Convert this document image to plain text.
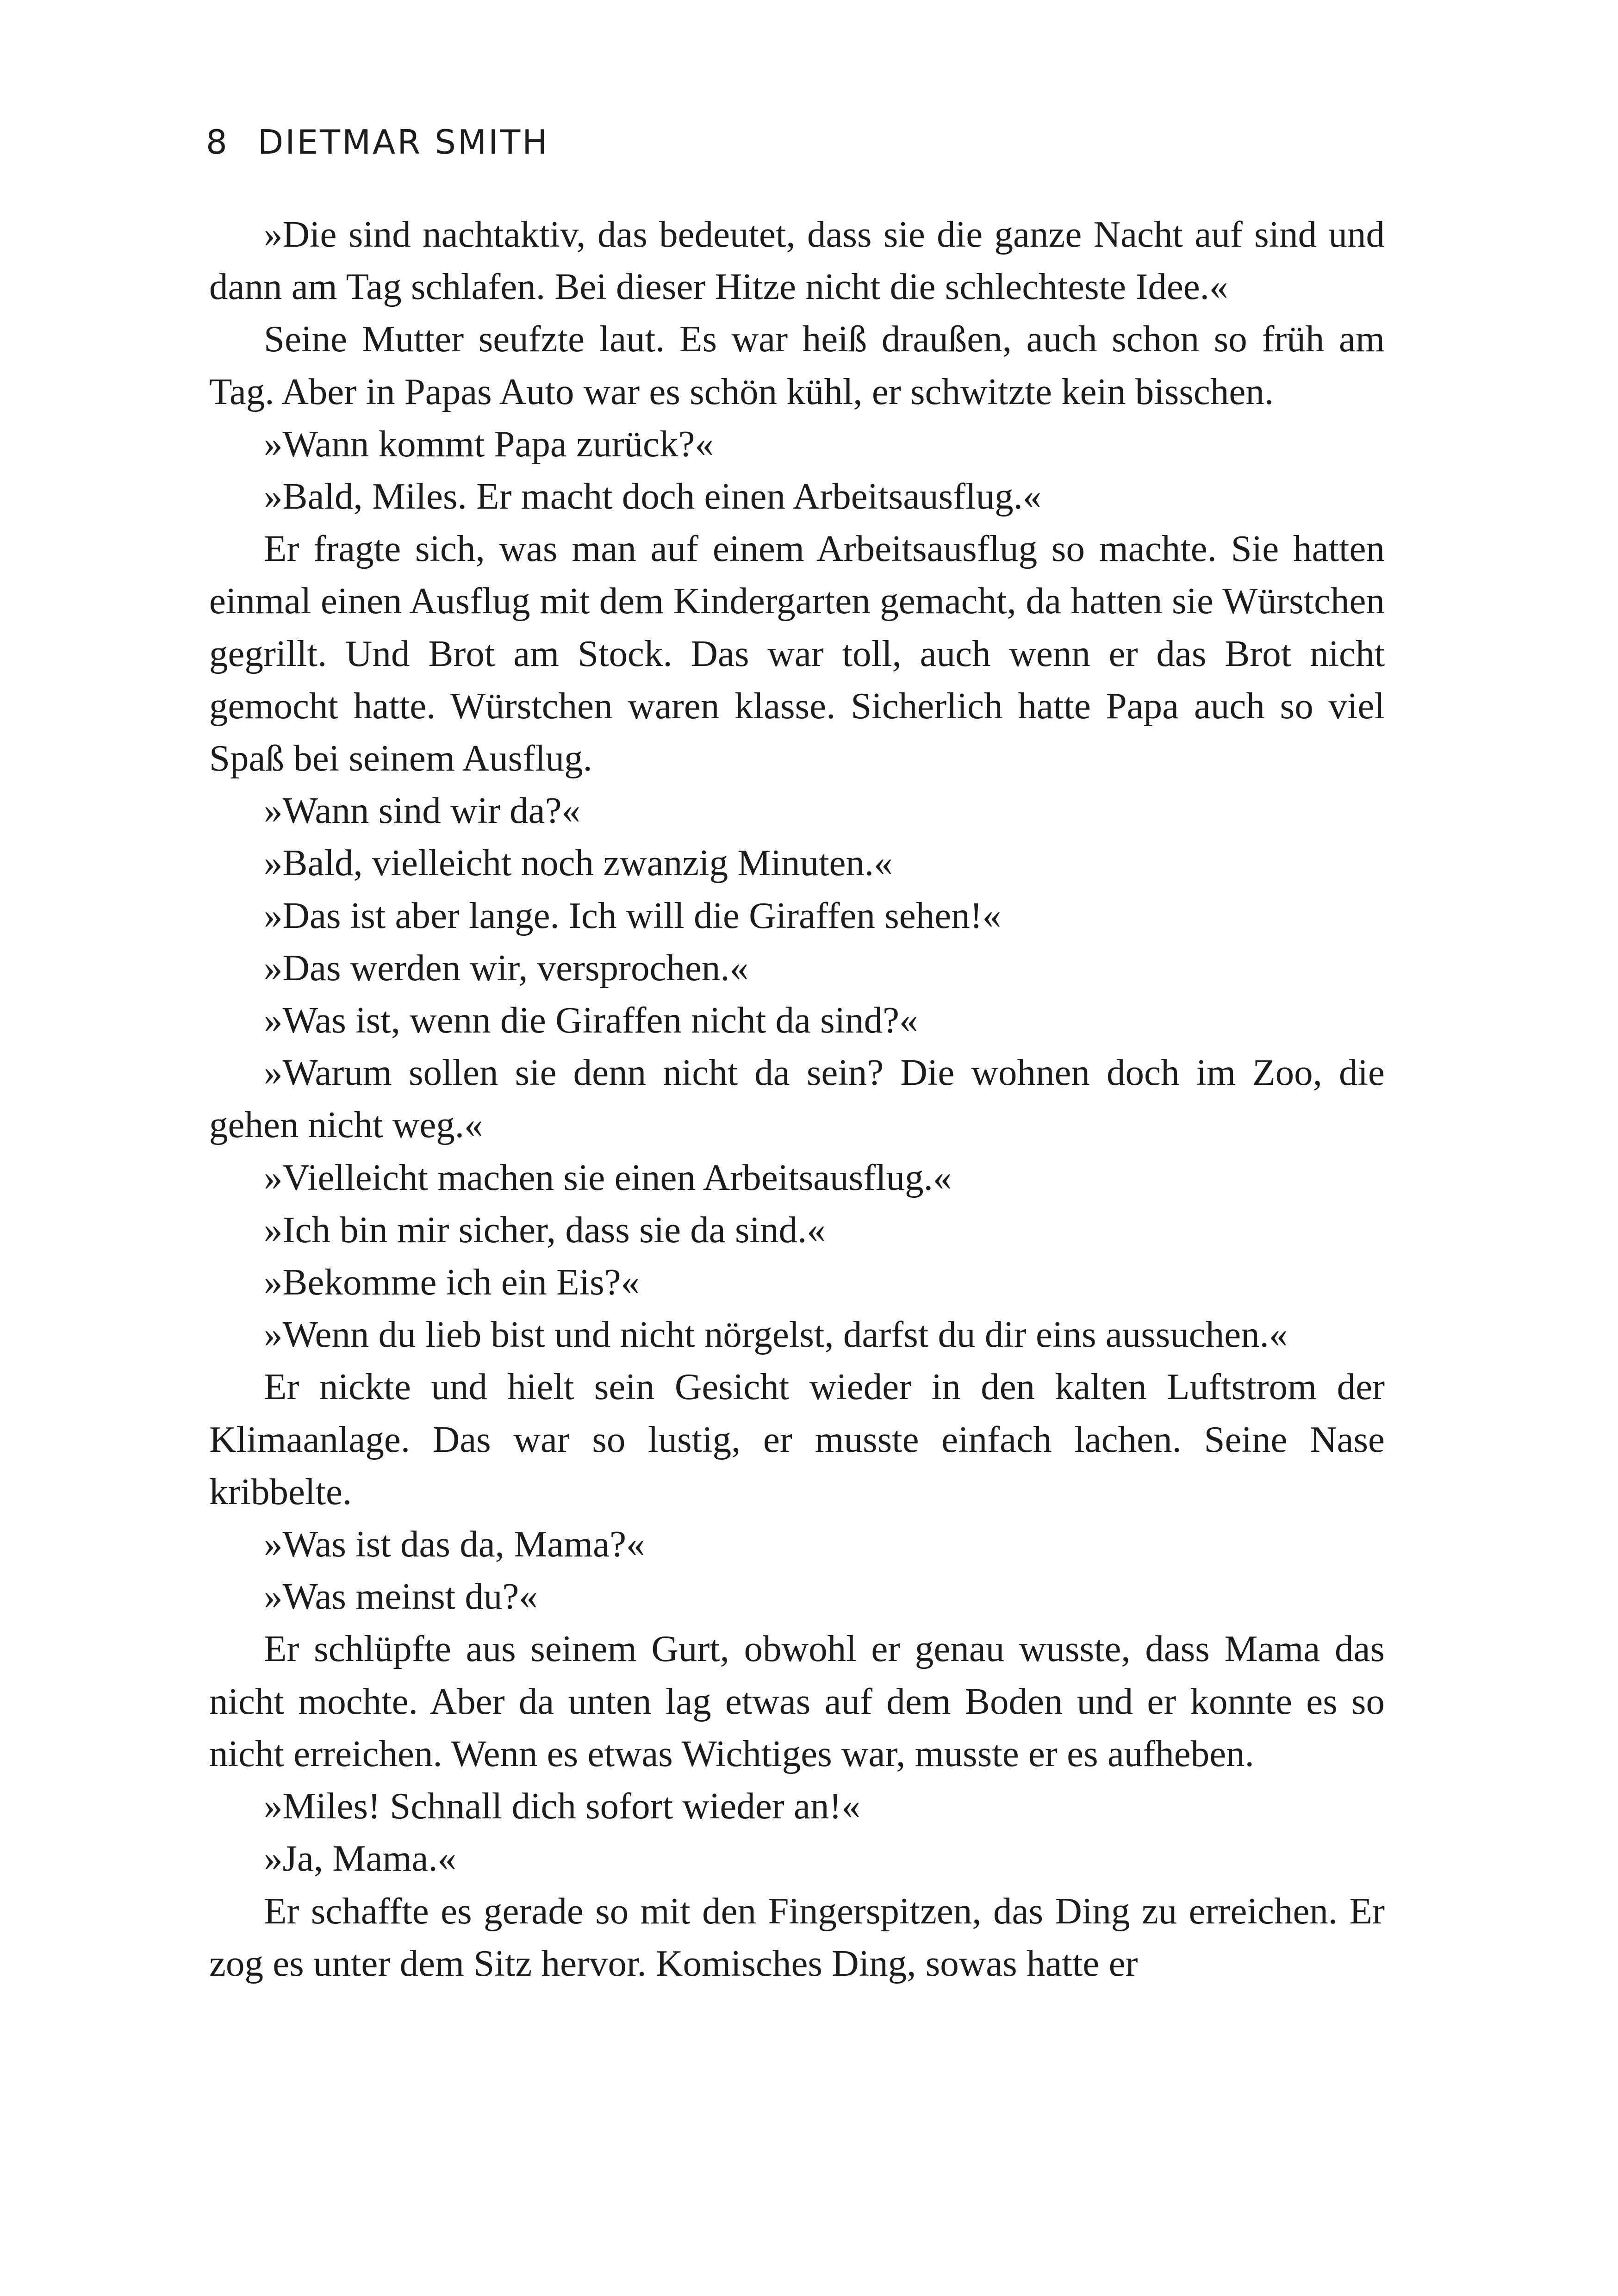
8 DIETMAR SMITH

»Die sind nachtaktiv, das bedeutet, dass sie die ganze Nacht auf sind und dann am Tag schlafen. Bei dieser Hitze nicht die schlechteste Idee.«

Seine Mutter seufzte laut. Es war heiß draußen, auch schon so früh am Tag. Aber in Papas Auto war es schön kühl, er schwitzte kein bisschen.

»Wann kommt Papa zurück?«

»Bald, Miles. Er macht doch einen Arbeitsausflug.«

Er fragte sich, was man auf einem Arbeitsausflug so machte. Sie hatten einmal einen Ausflug mit dem Kindergarten gemacht, da hatten sie Würstchen gegrillt. Und Brot am Stock. Das war toll, auch wenn er das Brot nicht gemocht hatte. Würstchen waren klasse. Sicherlich hatte Papa auch so viel Spaß bei seinem Ausflug.

»Wann sind wir da?«

»Bald, vielleicht noch zwanzig Minuten.«

»Das ist aber lange. Ich will die Giraffen sehen!«

»Das werden wir, versprochen.«

»Was ist, wenn die Giraffen nicht da sind?«

»Warum sollen sie denn nicht da sein? Die wohnen doch im Zoo, die gehen nicht weg.«

»Vielleicht machen sie einen Arbeitsausflug.«

»Ich bin mir sicher, dass sie da sind.«

»Bekomme ich ein Eis?«

»Wenn du lieb bist und nicht nörgelst, darfst du dir eins aussuchen.«

Er nickte und hielt sein Gesicht wieder in den kalten Luftstrom der Klimaanlage. Das war so lustig, er musste einfach lachen. Seine Nase kribbelte.

»Was ist das da, Mama?«

»Was meinst du?«

Er schlüpfte aus seinem Gurt, obwohl er genau wusste, dass Mama das nicht mochte. Aber da unten lag etwas auf dem Boden und er konnte es so nicht erreichen. Wenn es etwas Wichtiges war, musste er es aufheben.

»Miles! Schnall dich sofort wieder an!«

»Ja, Mama.«

Er schaffte es gerade so mit den Fingerspitzen, das Ding zu erreichen. Er zog es unter dem Sitz hervor. Komisches Ding, sowas hatte er
